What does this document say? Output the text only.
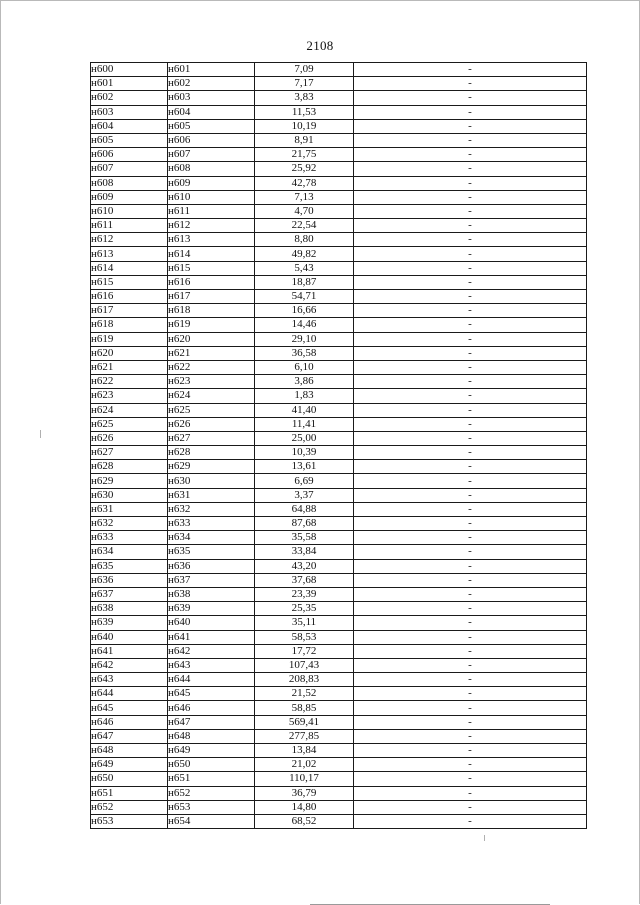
2108
н600	н601	7,09	-
н601	н602	7,17	-
н602	н603	3,83	-
н603	н604	11,53	-
н604	н605	10,19	-
н605	н606	8,91	-
н606	н607	21,75	-
н607	н608	25,92	-
н608	н609	42,78	-
н609	н610	7,13	-
н610	н611	4,70	-
н611	н612	22,54	-
н612	н613	8,80	-
н613	н614	49,82	-
н614	н615	5,43	-
н615	н616	18,87	-
н616	н617	54,71	-
н617	н618	16,66	-
н618	н619	14,46	-
н619	н620	29,10	-
н620	н621	36,58	-
н621	н622	6,10	-
н622	н623	3,86	-
н623	н624	1,83	-
н624	н625	41,40	-
н625	н626	11,41	-
н626	н627	25,00	-
н627	н628	10,39	-
н628	н629	13,61	-
н629	н630	6,69	-
н630	н631	3,37	-
н631	н632	64,88	-
н632	н633	87,68	-
н633	н634	35,58	-
н634	н635	33,84	-
н635	н636	43,20	-
н636	н637	37,68	-
н637	н638	23,39	-
н638	н639	25,35	-
н639	н640	35,11	-
н640	н641	58,53	-
н641	н642	17,72	-
н642	н643	107,43	-
н643	н644	208,83	-
н644	н645	21,52	-
н645	н646	58,85	-
н646	н647	569,41	-
н647	н648	277,85	-
н648	н649	13,84	-
н649	н650	21,02	-
н650	н651	110,17	-
н651	н652	36,79	-
н652	н653	14,80	-
н653	н654	68,52	-
